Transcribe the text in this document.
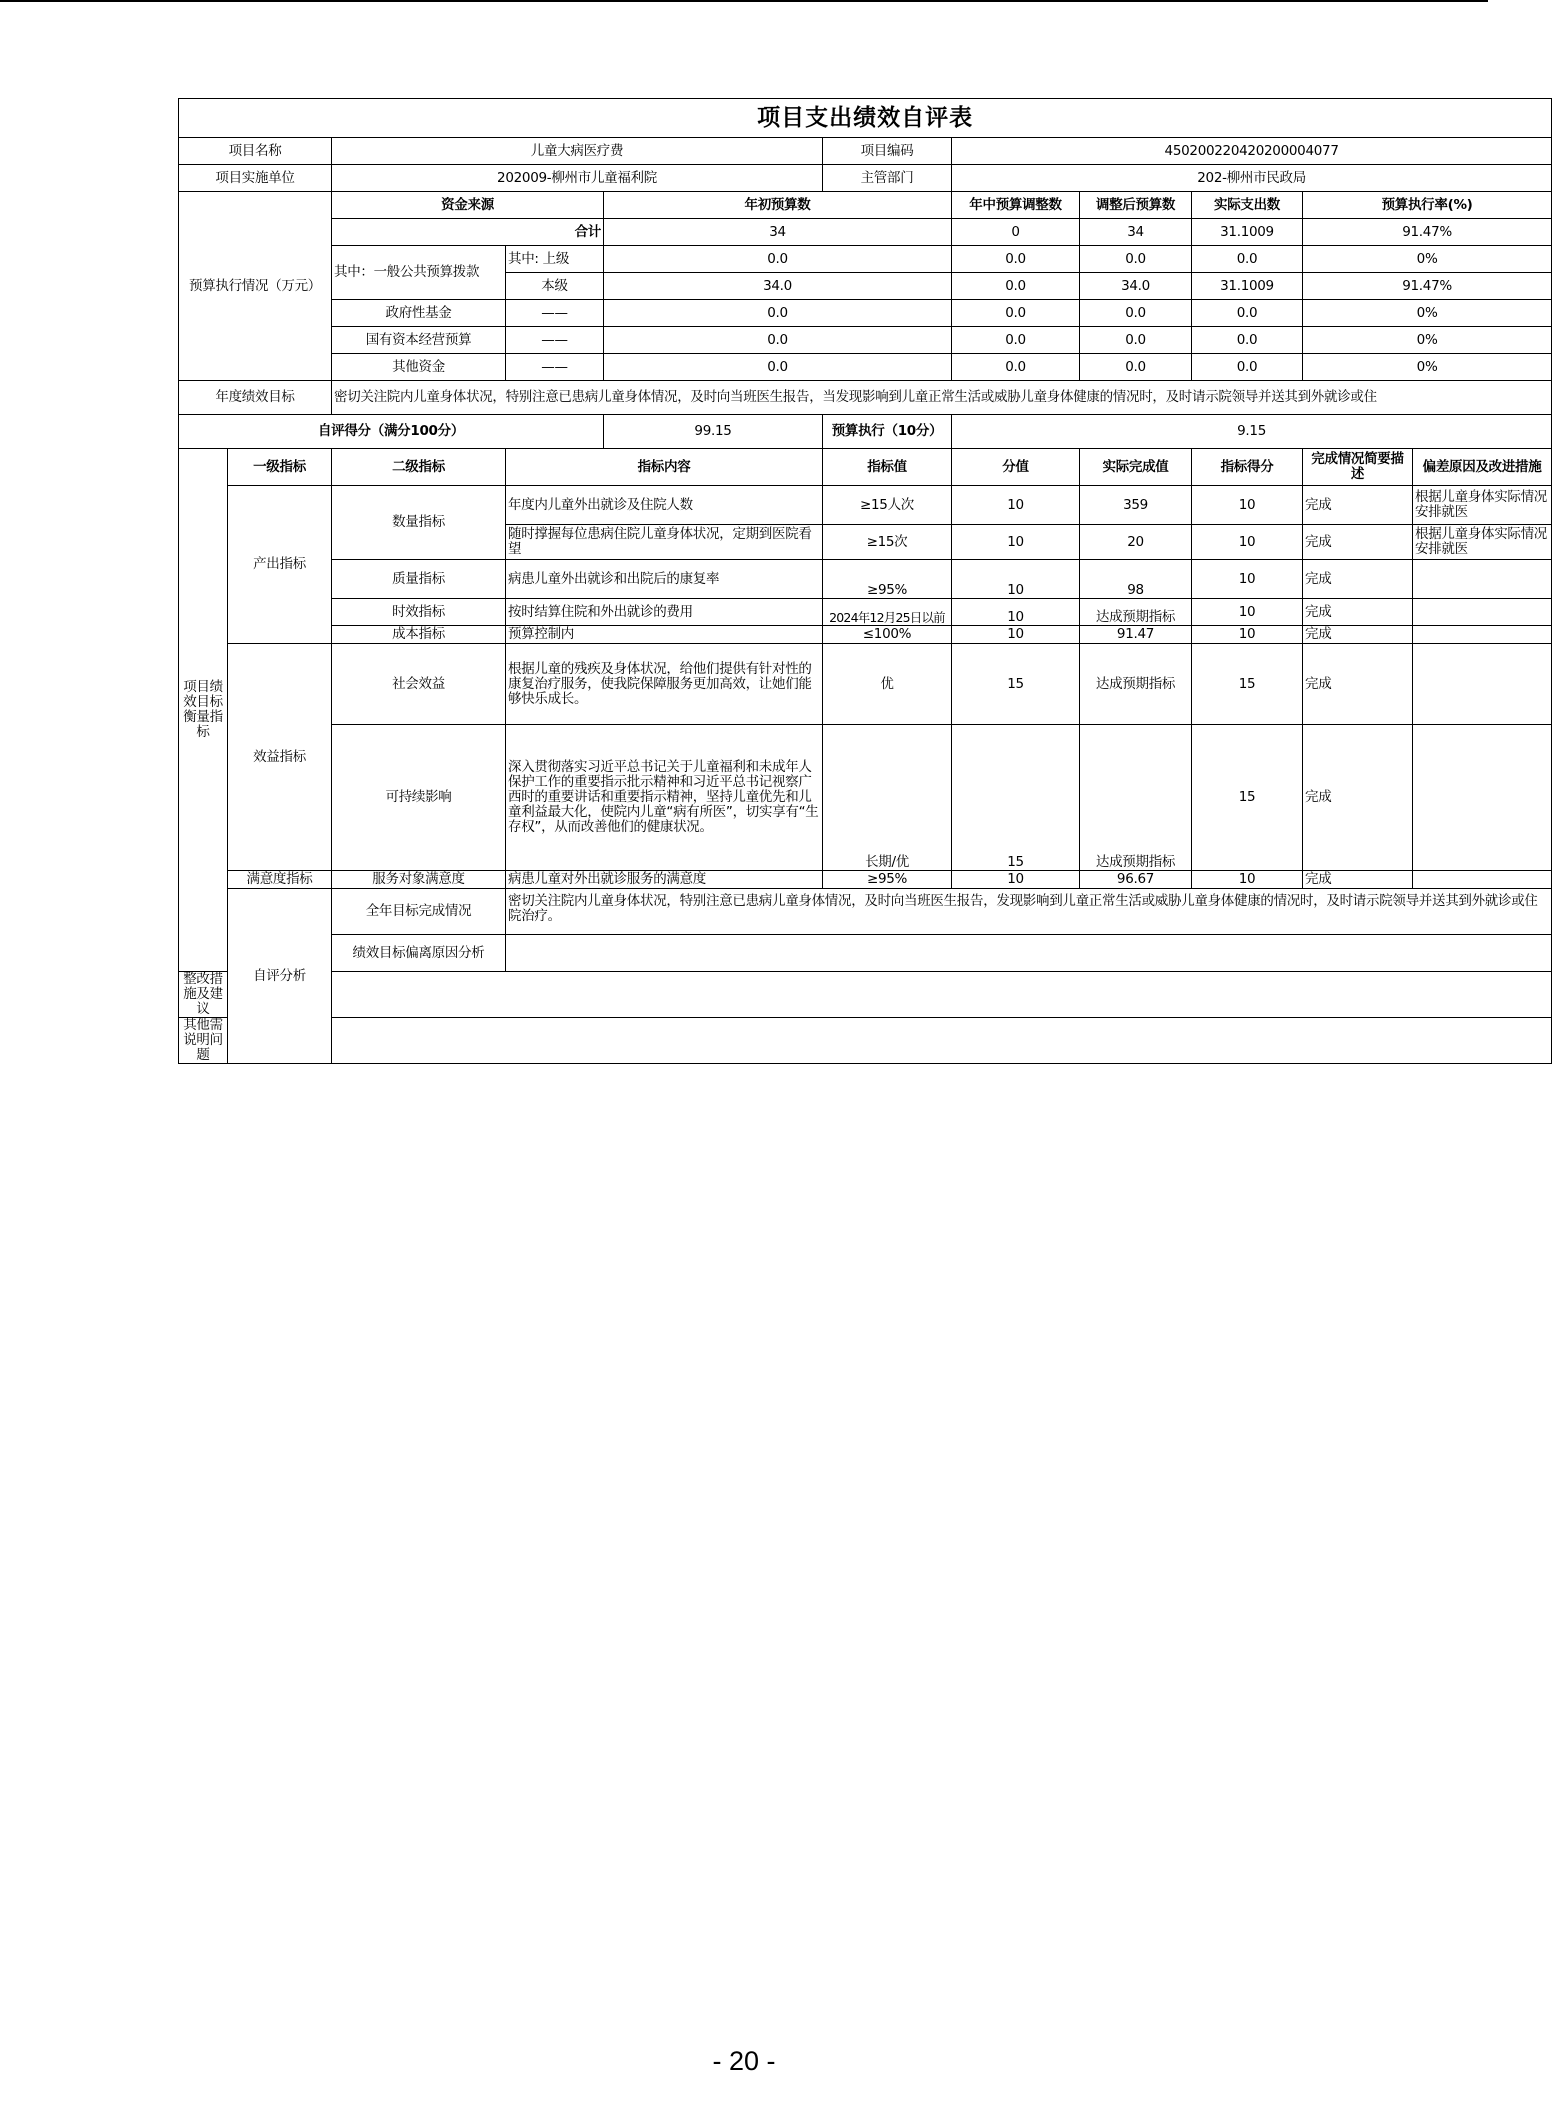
项目支出绩效自评表										
项目名称		儿童大病医疗费			项目编码	450200220420200004077				
项目实施单位		202009-柳州市儿童福利院			主管部门	202-柳州市民政局				
预算执行情况（万元）		资金来源		年初预算数		年中预算调整数	调整后预算数	实际支出数	预算执行率(%)	
		合计		34		0	34	31.1009	91.47%	
		其中：一般公共预算拨款	其中: 上级	0.0		0.0	0.0	0.0	0%	
			本级	34.0		0.0	34.0	31.1009	91.47%	
		政府性基金	——	0.0		0.0	0.0	0.0	0%	
		国有资本经营预算	——	0.0		0.0	0.0	0.0	0%	
		其他资金	——	0.0		0.0	0.0	0.0	0%	
年度绩效目标		密切关注院内儿童身体状况，特别注意已患病儿童身体情况，及时向当班医生报告，当发现影响到儿童正常生活或威胁儿童身体健康的情况时，及时请示院领导并送其到外就诊或住								
自评得分（满分100分）				99.15	预算执行（10分）	9.15				
项目绩效目标衡量指标	一级指标	二级指标	指标内容		指标值	分值	实际完成值	指标得分	完成情况简要描述	偏差原因及改进措施
	产出指标	数量指标	年度内儿童外出就诊及住院人数		≥15人次	10	359	10	完成	根据儿童身体实际情况安排就医
			随时撑握每位患病住院儿童身体状况，定期到医院看望		≥15次	10	20	10	完成	根据儿童身体实际情况安排就医
		质量指标	病患儿童外出就诊和出院后的康复率		≥95%	10	98	10	完成	
		时效指标	按时结算住院和外出就诊的费用		2024年12月25日以前	10	达成预期指标	10	完成	
		成本指标	预算控制内		≤100%	10	91.47	10	完成	
	效益指标	社会效益	根据儿童的残疾及身体状况，给他们提供有针对性的康复治疗服务，使我院保障服务更加高效，让她们能够快乐成长。		优	15	达成预期指标	15	完成	
		可持续影响	深入贯彻落实习近平总书记关于儿童福利和未成年人保护工作的重要指示批示精神和习近平总书记视察广西时的重要讲话和重要指示精神，坚持儿童优先和儿童利益最大化，使院内儿童“病有所医”，切实享有“生存权”，从而改善他们的健康状况。		长期/优	15	达成预期指标	15	完成	
	满意度指标	服务对象满意度	病患儿童对外出就诊服务的满意度		≥95%	10	96.67	10	完成	
	自评分析	全年目标完成情况	密切关注院内儿童身体状况，特别注意已患病儿童身体情况，及时向当班医生报告，发现影响到儿童正常生活或威胁儿童身体健康的情况时，及时请示院领导并送其到外就诊或住院治疗。							
		绩效目标偏离原因分析								
整改措施及建议										
其他需说明问题										
- 20 -
